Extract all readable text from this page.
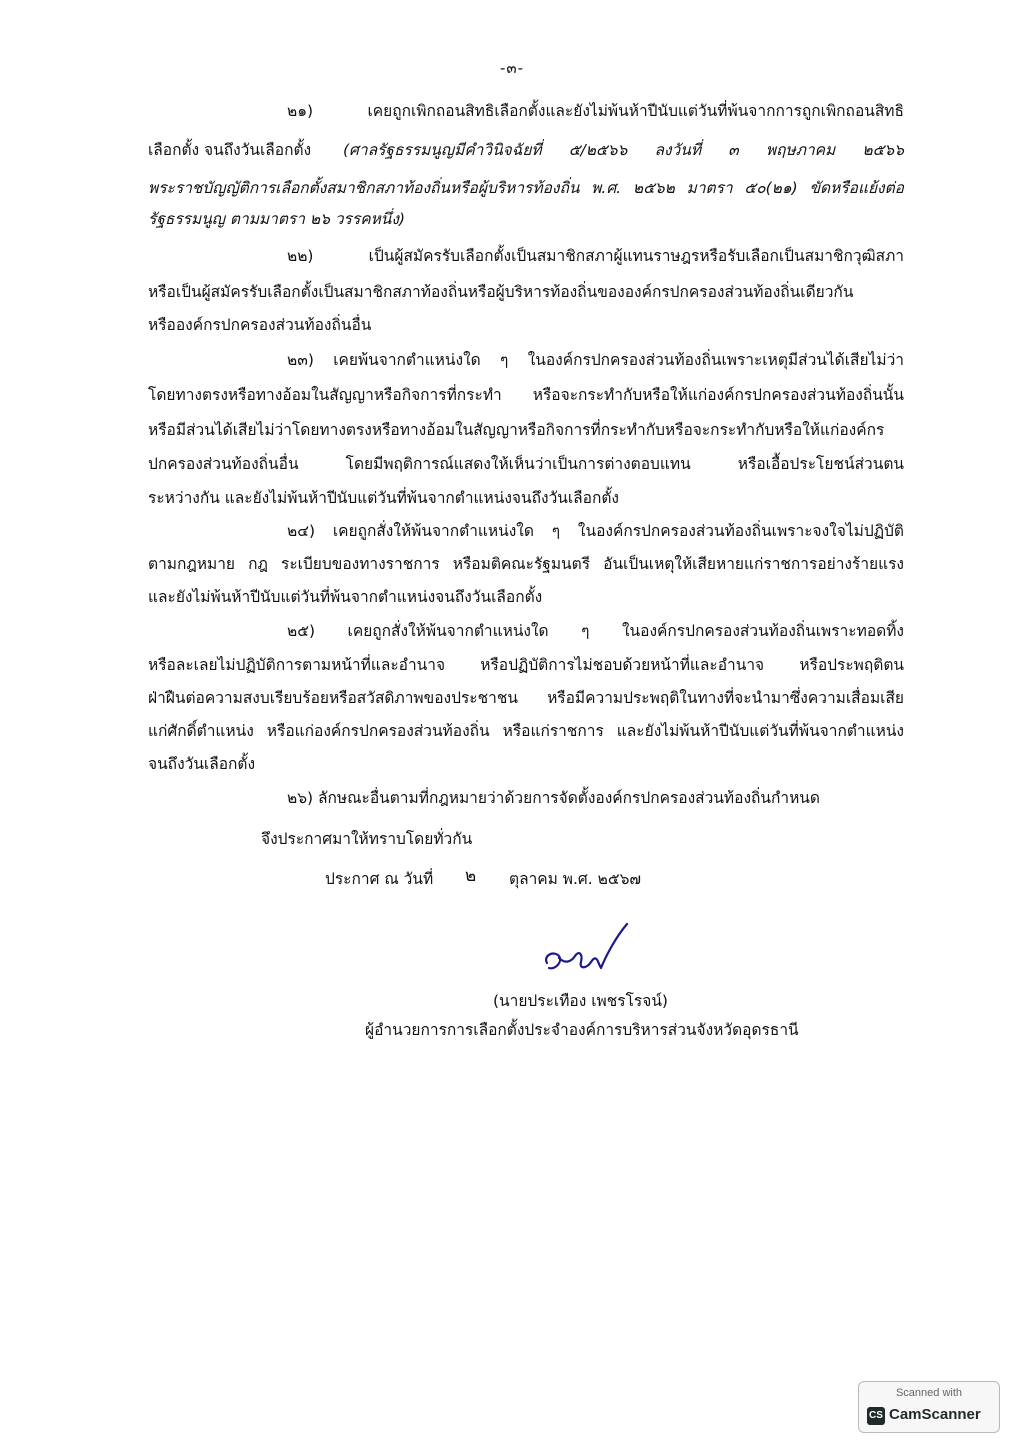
-๓-
๒๑) เคยถูกเพิกถอนสิทธิเลือกตั้งและยังไม่พ้นห้าปีนับแต่วันที่พ้นจากการถูกเพิกถอนสิทธิ
เลือกตั้ง จนถึงวันเลือกตั้ง (ศาลรัฐธรรมนูญมีคำวินิจฉัยที่ ๕/๒๕๖๖ ลงวันที่ ๓ พฤษภาคม ๒๕๖๖
พระราชบัญญัติการเลือกตั้งสมาชิกสภาท้องถิ่นหรือผู้บริหารท้องถิ่น พ.ศ. ๒๕๖๒ มาตรา ๕๐(๒๑) ขัดหรือแย้งต่อ
รัฐธรรมนูญ ตามมาตรา ๒๖ วรรคหนึ่ง)
๒๒) เป็นผู้สมัครรับเลือกตั้งเป็นสมาชิกสภาผู้แทนราษฎรหรือรับเลือกเป็นสมาชิกวุฒิสภา
หรือเป็นผู้สมัครรับเลือกตั้งเป็นสมาชิกสภาท้องถิ่นหรือผู้บริหารท้องถิ่นขององค์กรปกครองส่วนท้องถิ่นเดียวกัน
หรือองค์กรปกครองส่วนท้องถิ่นอื่น
๒๓) เคยพ้นจากตำแหน่งใด ๆ ในองค์กรปกครองส่วนท้องถิ่นเพราะเหตุมีส่วนได้เสียไม่ว่า
โดยทางตรงหรือทางอ้อมในสัญญาหรือกิจการที่กระทำ หรือจะกระทำกับหรือให้แก่องค์กรปกครองส่วนท้องถิ่นนั้น
หรือมีส่วนได้เสียไม่ว่าโดยทางตรงหรือทางอ้อมในสัญญาหรือกิจการที่กระทำกับหรือจะกระทำกับหรือให้แก่องค์กร
ปกครองส่วนท้องถิ่นอื่น โดยมีพฤติการณ์แสดงให้เห็นว่าเป็นการต่างตอบแทน หรือเอื้อประโยชน์ส่วนตน
ระหว่างกัน และยังไม่พ้นห้าปีนับแต่วันที่พ้นจากตำแหน่งจนถึงวันเลือกตั้ง
๒๔) เคยถูกสั่งให้พ้นจากตำแหน่งใด ๆ ในองค์กรปกครองส่วนท้องถิ่นเพราะจงใจไม่ปฏิบัติ
ตามกฎหมาย กฎ ระเบียบของทางราชการ หรือมติคณะรัฐมนตรี อันเป็นเหตุให้เสียหายแก่ราชการอย่างร้ายแรง
และยังไม่พ้นห้าปีนับแต่วันที่พ้นจากตำแหน่งจนถึงวันเลือกตั้ง
๒๕) เคยถูกสั่งให้พ้นจากตำแหน่งใด ๆ ในองค์กรปกครองส่วนท้องถิ่นเพราะทอดทิ้ง
หรือละเลยไม่ปฏิบัติการตามหน้าที่และอำนาจ หรือปฏิบัติการไม่ชอบด้วยหน้าที่และอำนาจ หรือประพฤติตน
ฝ่าฝืนต่อความสงบเรียบร้อยหรือสวัสดิภาพของประชาชน หรือมีความประพฤติในทางที่จะนำมาซึ่งความเสื่อมเสีย
แก่ศักดิ์ตำแหน่ง หรือแก่องค์กรปกครองส่วนท้องถิ่น หรือแก่ราชการ และยังไม่พ้นห้าปีนับแต่วันที่พ้นจากตำแหน่ง
จนถึงวันเลือกตั้ง
๒๖) ลักษณะอื่นตามที่กฎหมายว่าด้วยการจัดตั้งองค์กรปกครองส่วนท้องถิ่นกำหนด
จึงประกาศมาให้ทราบโดยทั่วกัน
ประกาศ ณ วันที่ ๒ ตุลาคม พ.ศ. ๒๕๖๗
(นายประเทือง เพชรโรจน์)
ผู้อำนวยการการเลือกตั้งประจำองค์การบริหารส่วนจังหวัดอุดรธานี
Scanned with
CS CamScanner
